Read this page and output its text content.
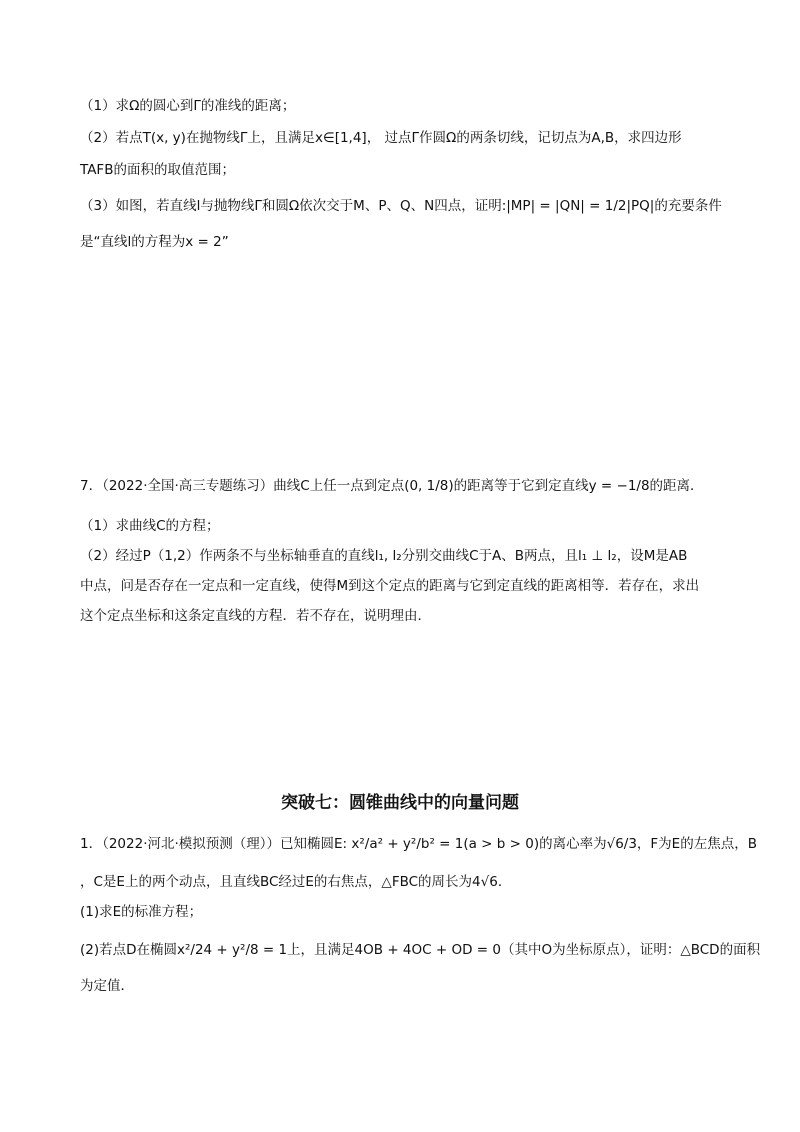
（1）求Ω的圆心到Γ的准线的距离；
（2）若点T(x, y)在抛物线Γ上，且满足x∈[1,4]， 过点Γ作圆Ω的两条切线，记切点为A,B，求四边形
TAFB的面积的取值范围；
（3）如图，若直线l与抛物线Γ和圆Ω依次交于M、P、Q、N四点，证明:|MP| = |QN| = 1/2|PQ|的充要条件
是“直线l的方程为x = 2”
7．（2022·全国·高三专题练习）曲线C上任一点到定点(0, 1/8)的距离等于它到定直线y = −1/8的距离．
（1）求曲线C的方程；
（2）经过P（1,2）作两条不与坐标轴垂直的直线l₁, l₂分别交曲线C于A、B两点，且l₁ ⊥ l₂，设M是AB
中点，问是否存在一定点和一定直线，使得M到这个定点的距离与它到定直线的距离相等．若存在，求出
这个定点坐标和这条定直线的方程．若不存在，说明理由．
突破七：圆锥曲线中的向量问题
1．（2022·河北·模拟预测（理））已知椭圆E: x²/a² + y²/b² = 1(a > b > 0)的离心率为√6/3，F为E的左焦点，B
，C是E上的两个动点，且直线BC经过E的右焦点，△FBC的周长为4√6．
(1)求E的标准方程；
(2)若点D在椭圆x²/24 + y²/8 = 1上，且满足4OB + 4OC + OD = 0（其中O为坐标原点），证明：△BCD的面积
为定值．
